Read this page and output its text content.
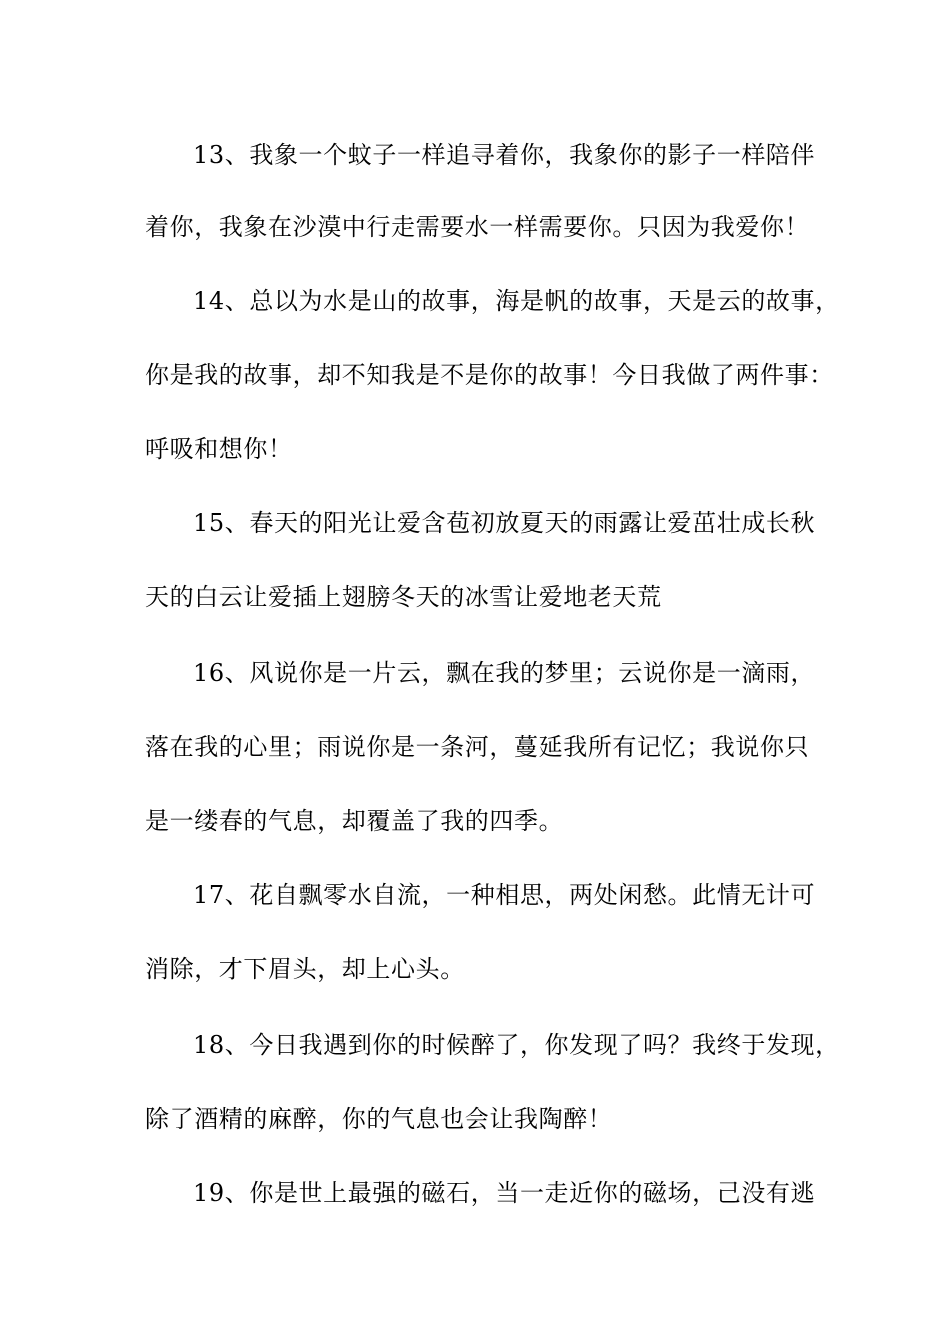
13、我象一个蚊子一样追寻着你，我象你的影子一样陪伴
着你，我象在沙漠中行走需要水一样需要你。只因为我爱你！
14、总以为水是山的故事，海是帆的故事，天是云的故事，
你是我的故事，却不知我是不是你的故事！今日我做了两件事：
呼吸和想你！
15、春天的阳光让爱含苞初放夏天的雨露让爱茁壮成长秋
天的白云让爱插上翅膀冬天的冰雪让爱地老天荒
16、风说你是一片云，飘在我的梦里；云说你是一滴雨，
落在我的心里；雨说你是一条河，蔓延我所有记忆；我说你只
是一缕春的气息，却覆盖了我的四季。
17、花自飘零水自流，一种相思，两处闲愁。此情无计可
消除，才下眉头，却上心头。
18、今日我遇到你的时候醉了，你发现了吗？我终于发现，
除了酒精的麻醉，你的气息也会让我陶醉！
19、你是世上最强的磁石，当一走近你的磁场，己没有逃
